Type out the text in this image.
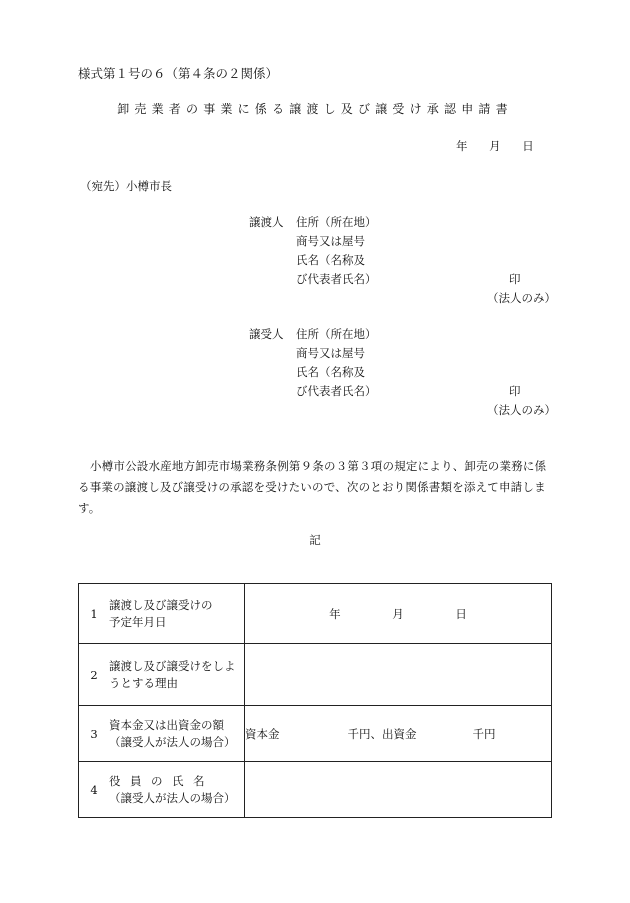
様式第１号の６（第４条の２関係）
卸売業者の事業に係る譲渡し及び譲受け承認申請書
年 月 日
（宛先）小樽市長
譲渡人 住所（所在地）
商号又は屋号
氏名（名称及
び代表者氏名）	印
（法人のみ）
譲受人 住所（所在地）
商号又は屋号
氏名（名称及
び代表者氏名）	印
（法人のみ）
小樽市公設水産地方卸売市場業務条例第９条の３第３項の規定により、卸売の業務に係る事業の譲渡し及び譲受けの承認を受けたいので、次のとおり関係書類を添えて申請します。
記
1
譲渡し及び譲受けの
予定年月日	年 月 日

2
譲渡し及び譲受けをしよ
うとする理由	

3
資本金又は出資金の額
（譲受人が法人の場合）	資本金 千円、出資金 千円

4
役員の氏名
（譲受人が法人の場合）	
